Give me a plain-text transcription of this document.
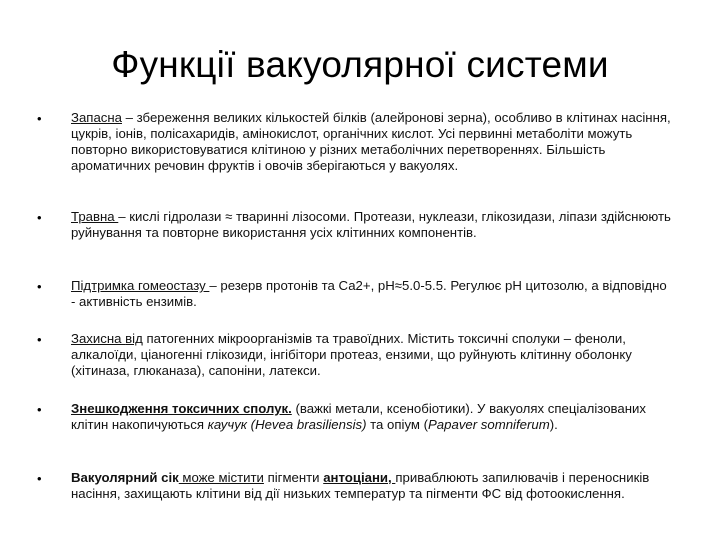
Функції вакуолярної системи
• Запасна – збереження великих кількостей білків (алейронові зерна), особливо в клітинах насіння, цукрів, іонів, полісахаридів, амінокислот, органічних кислот. Усі первинні метаболіти можуть повторно використовуватися клітиною у різних метаболічних перетвореннях. Більшість ароматичних речовин фруктів і овочів зберігаються у вакуолях.
• Травна – кислі гідролази ≈ тваринні лізосоми. Протеази, нуклеази, глікозидази, ліпази здійснюють руйнування та повторне використання усіх клітинних компонентів.
• Підтримка гомеостазу – резерв протонів та Са2+, рН≈5.0-5.5. Регулює рН цитозолю, а відповідно - активність ензимів.
• Захисна від патогенних мікроорганізмів та травоїдних. Містить токсичні сполуки – феноли, алкалоїди, ціаногенні глікозиди, інгібітори протеаз, ензими, що руйнують клітинну оболонку (хітиназа, глюканаза), сапоніни, латекси.
• Знешкодження токсичних сполук. (важкі метали, ксенобіотики). У вакуолях спеціалізованих клітин накопичуються каучук (Hevea brasiliensis) та опіум (Papaver somniferum).
• Вакуолярний сік може містити пігменти антоціани, приваблюють запилювачів і переносників насіння, захищають клітини від дії низьких температур та пігменти ФС від фотоокислення.
